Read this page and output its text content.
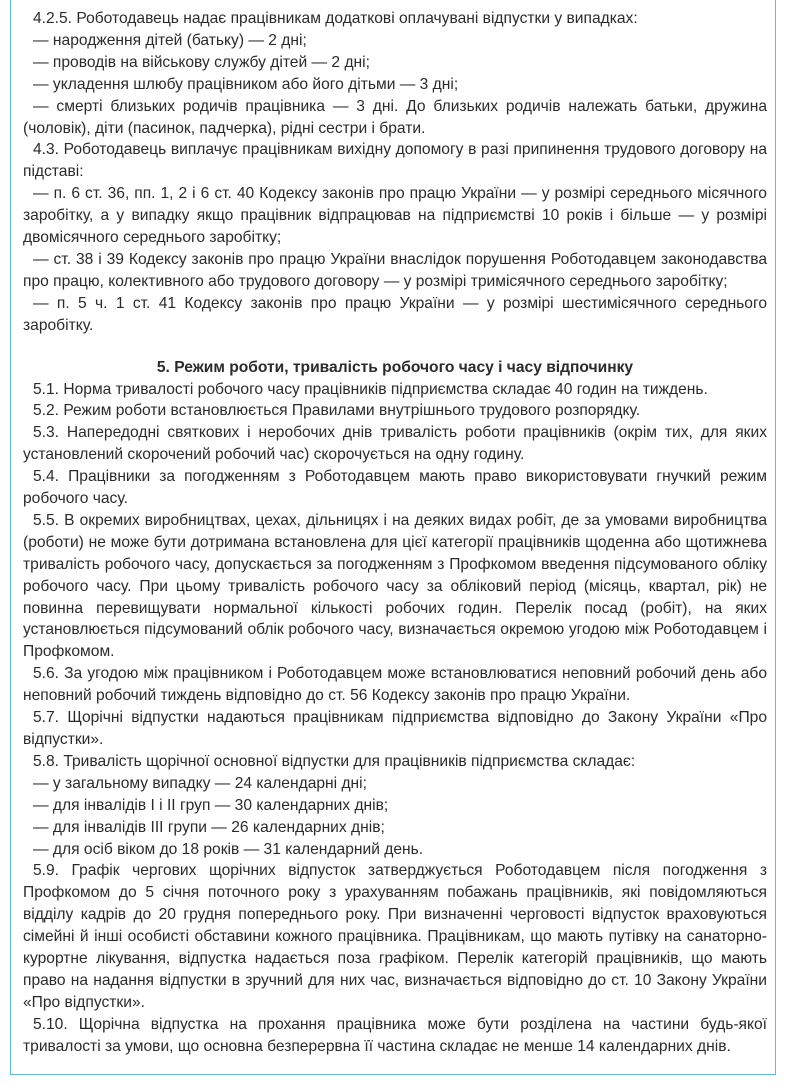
4.2.5. Роботодавець надає працівникам додаткові оплачувані відпустки у випадках:

— народження дітей (батьку) — 2 дні;

— проводів на військову службу дітей — 2 дні;

— укладення шлюбу працівником або його дітьми — 3 дні;

— смерті близьких родичів працівника — 3 дні. До близьких родичів належать батьки, дружина (чоловік), діти (пасинок, падчерка), рідні сестри і брати.

4.3. Роботодавець виплачує працівникам вихідну допомогу в разі припинення трудового договору на підставі:

— п. 6 ст. 36, пп. 1, 2 і 6 ст. 40 Кодексу законів про працю України — у розмірі середнього місячного заробітку, а у випадку якщо працівник відпрацював на підприємстві 10 років і більше — у розмірі двомісячного середнього заробітку;

— ст. 38 і 39 Кодексу законів про працю України внаслідок порушення Роботодавцем законодавства про працю, колективного або трудового договору — у розмірі тримісячного середнього заробітку;

— п. 5 ч. 1 ст. 41 Кодексу законів про працю України — у розмірі шестимісячного середнього заробітку.

5. Режим роботи, тривалість робочого часу і часу відпочинку

5.1. Норма тривалості робочого часу працівників підприємства складає 40 годин на тиждень.

5.2. Режим роботи встановлюється Правилами внутрішнього трудового розпорядку.

5.3. Напередодні святкових і неробочих днів тривалість роботи працівників (окрім тих, для яких установлений скорочений робочий час) скорочується на одну годину.

5.4. Працівники за погодженням з Роботодавцем мають право використовувати гнучкий режим робочого часу.

5.5. В окремих виробництвах, цехах, дільницях і на деяких видах робіт, де за умовами виробництва (роботи) не може бути дотримана встановлена для цієї категорії працівників щоденна або щотижнева тривалість робочого часу, допускається за погодженням з Профкомом введення підсумованого обліку робочого часу. При цьому тривалість робочого часу за обліковий період (місяць, квартал, рік) не повинна перевищувати нормальної кількості робочих годин. Перелік посад (робіт), на яких установлюється підсумований облік робочого часу, визначається окремою угодою між Роботодавцем і Профкомом.

5.6. За угодою між працівником і Роботодавцем може встановлюватися неповний робочий день або неповний робочий тиждень відповідно до ст. 56 Кодексу законів про працю України.

5.7. Щорічні відпустки надаються працівникам підприємства відповідно до Закону України «Про відпустки».

5.8. Тривалість щорічної основної відпустки для працівників підприємства складає:

— у загальному випадку — 24 календарні дні;

— для інвалідів I і II груп — 30 календарних днів;

— для інвалідів III групи — 26 календарних днів;

— для осіб віком до 18 років — 31 календарний день.

5.9. Графік чергових щорічних відпусток затверджується Роботодавцем після погодження з Профкомом до 5 січня поточного року з урахуванням побажань працівників, які повідомляються відділу кадрів до 20 грудня попереднього року. При визначенні черговості відпусток враховуються сімейні й інші особисті обставини кожного працівника. Працівникам, що мають путівку на санаторно-курортне лікування, відпустка надається поза графіком. Перелік категорій працівників, що мають право на надання відпустки в зручний для них час, визначається відповідно до ст. 10 Закону України «Про відпустки».

5.10. Щорічна відпустка на прохання працівника може бути розділена на частини будь-якої тривалості за умови, що основна безперервна її частина складає не менше 14 календарних днів.
